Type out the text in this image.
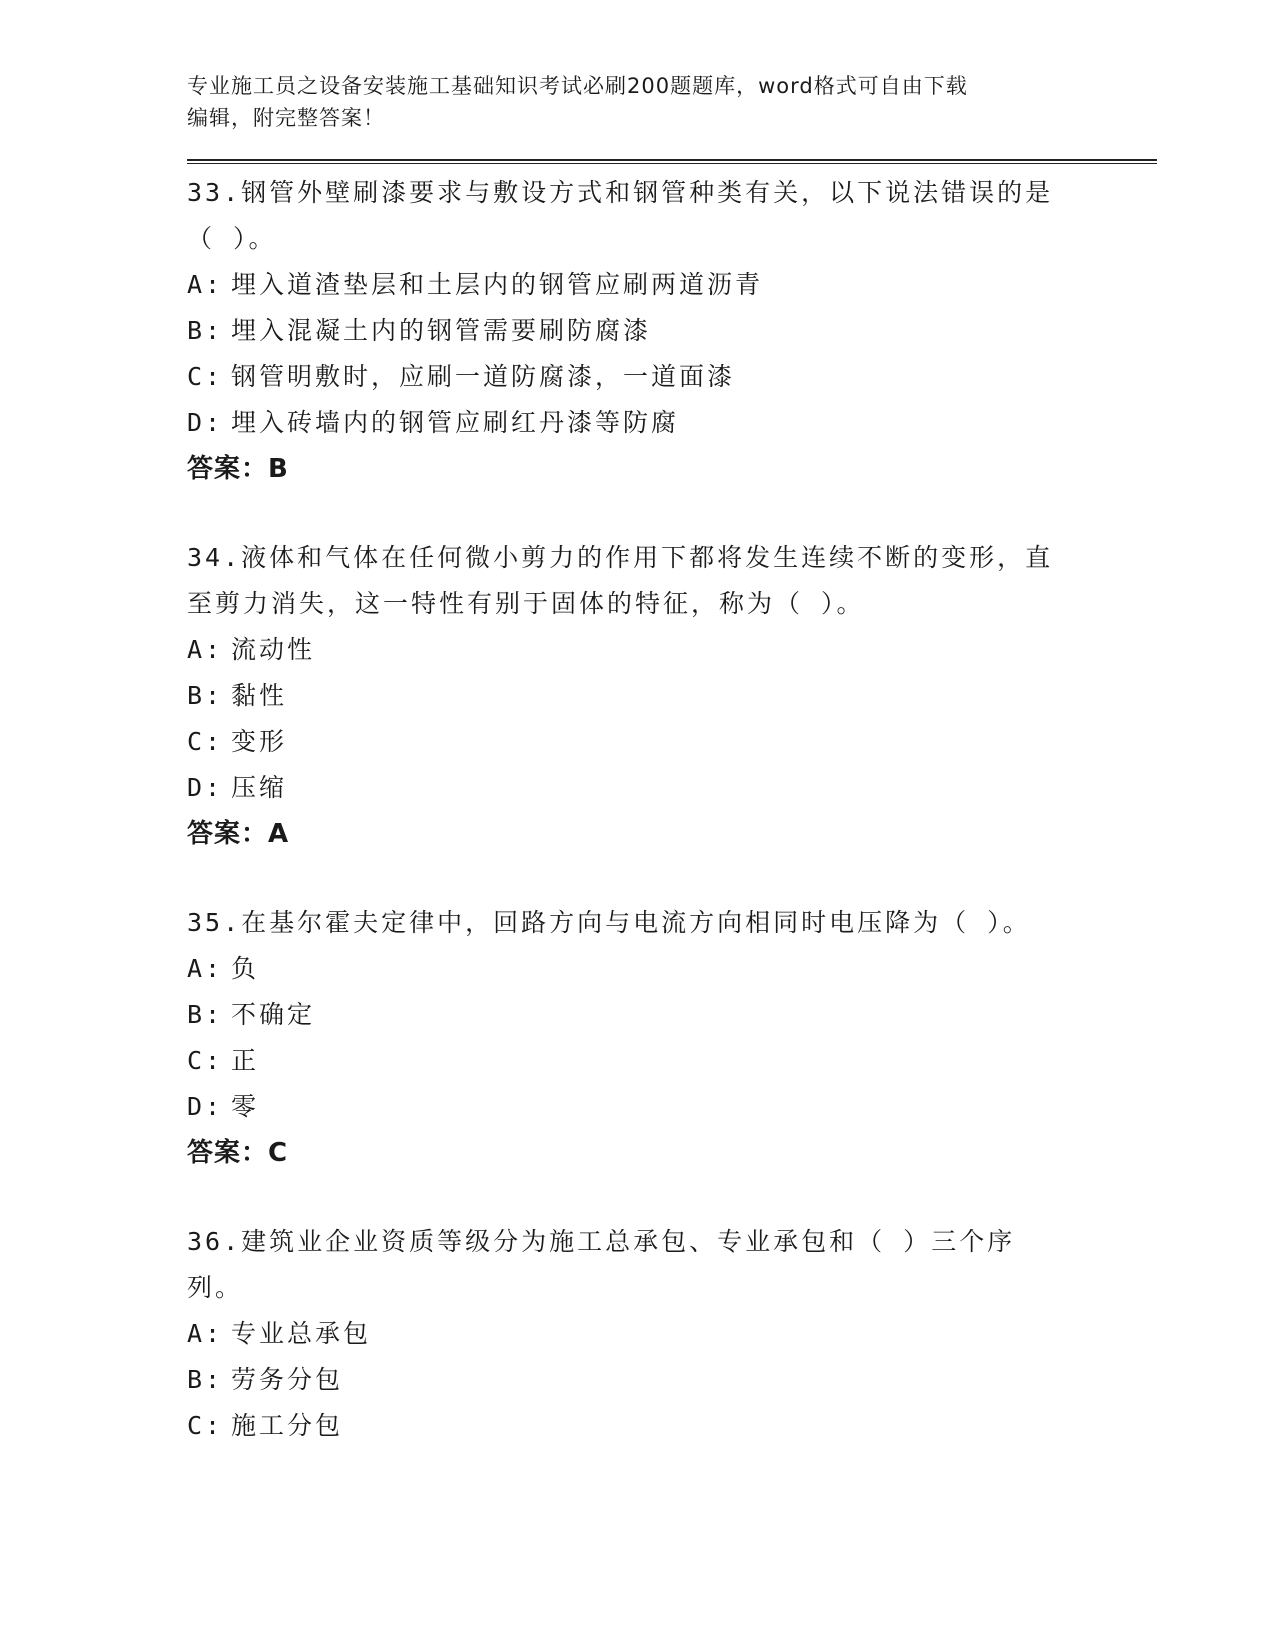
专业施工员之设备安装施工基础知识考试必刷200题题库，word格式可自由下载
编辑，附完整答案！
33.钢管外壁刷漆要求与敷设方式和钢管种类有关，以下说法错误的是（ ）。
A: 埋入道渣垫层和土层内的钢管应刷两道沥青
B: 埋入混凝土内的钢管需要刷防腐漆
C: 钢管明敷时，应刷一道防腐漆，一道面漆
D: 埋入砖墙内的钢管应刷红丹漆等防腐
答案：B
34.液体和气体在任何微小剪力的作用下都将发生连续不断的变形，直至剪力消失，这一特性有别于固体的特征，称为（ ）。
A: 流动性
B: 黏性
C: 变形
D: 压缩
答案：A
35.在基尔霍夫定律中，回路方向与电流方向相同时电压降为（ ）。
A: 负
B: 不确定
C: 正
D: 零
答案：C
36.建筑业企业资质等级分为施工总承包、专业承包和（ ）三个序列。
A: 专业总承包
B: 劳务分包
C: 施工分包
